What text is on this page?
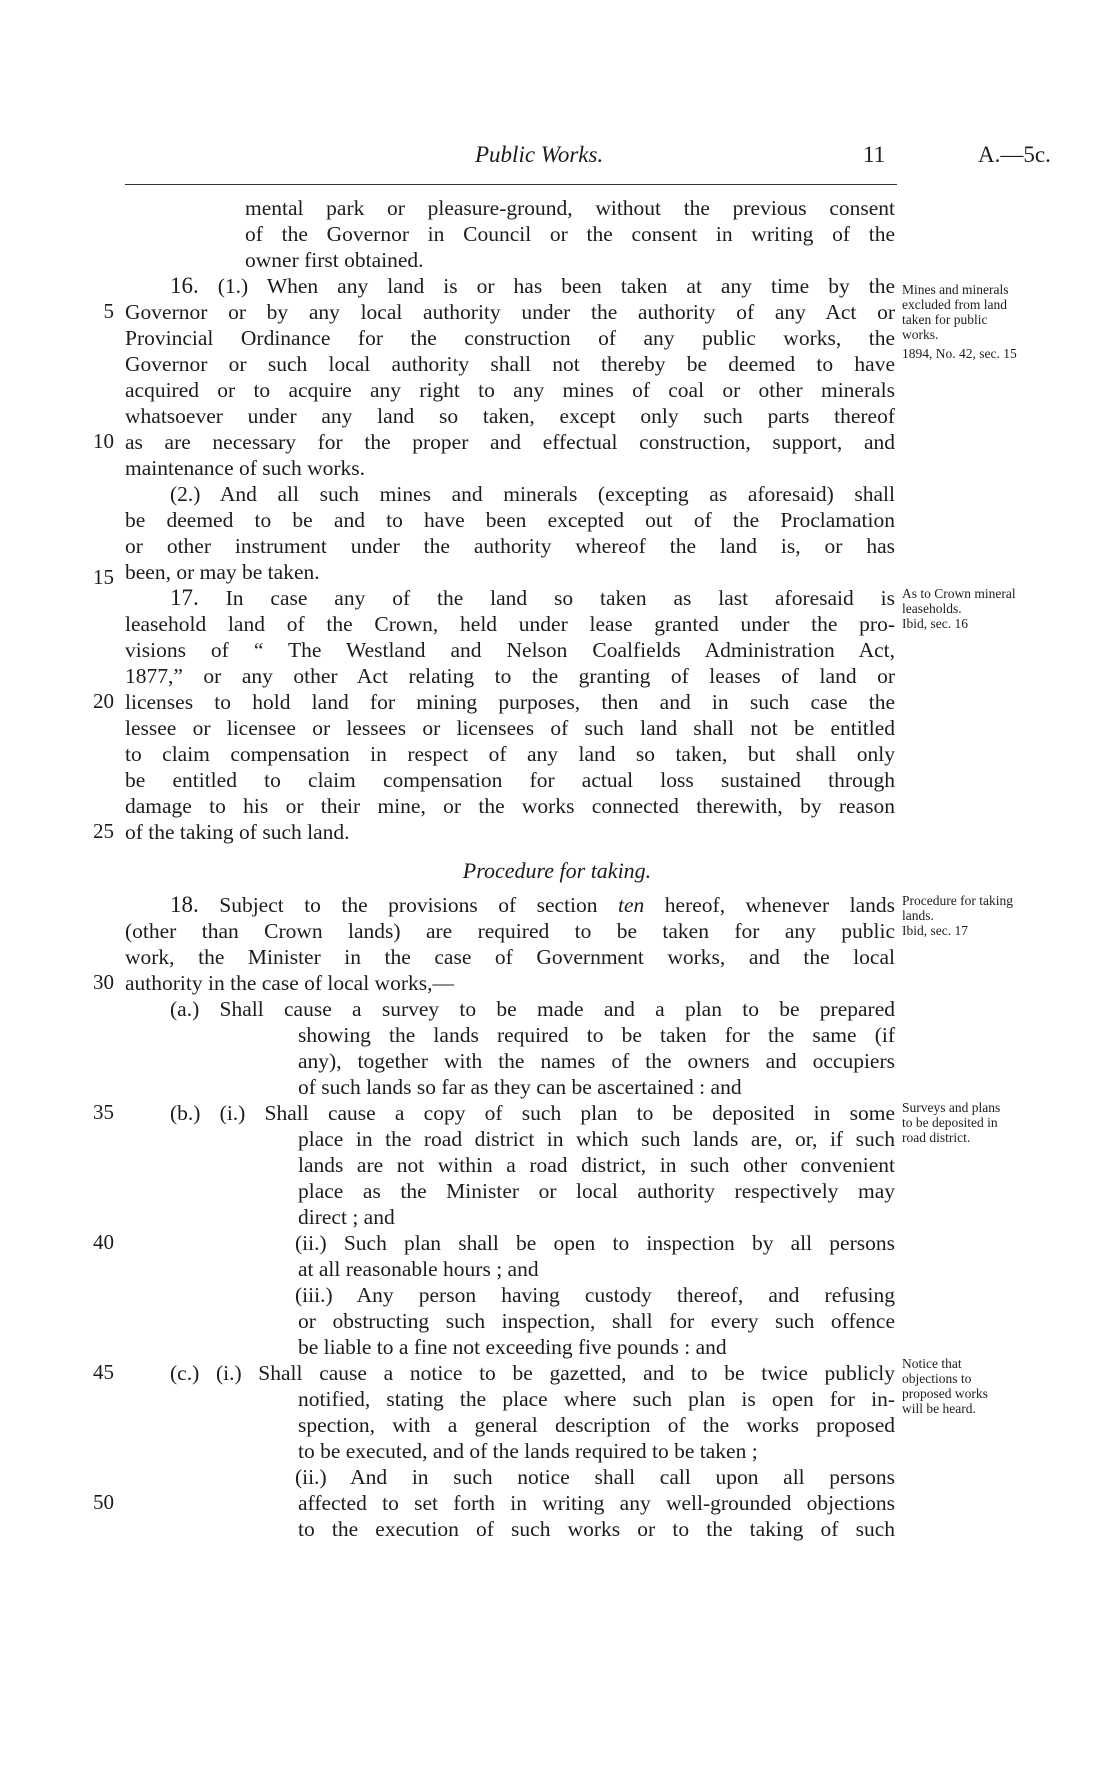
Public Works.	11	A.—5c.
mental park or pleasure-ground, without the previous consent
of the Governor in Council or the consent in writing of the
owner first obtained.
16. (1.) When any land is or has been taken at any time by the
Governor or by any local authority under the authority of any Act or
Provincial Ordinance for the construction of any public works, the
Governor or such local authority shall not thereby be deemed to have
acquired or to acquire any right to any mines of coal or other minerals
whatsoever under any land so taken, except only such parts thereof
as are necessary for the proper and effectual construction, support, and
maintenance of such works.
(2.) And all such mines and minerals (excepting as aforesaid) shall
be deemed to be and to have been excepted out of the Proclamation
or other instrument under the authority whereof the land is, or has
been, or may be taken.
17. In case any of the land so taken as last aforesaid is
leasehold land of the Crown, held under lease granted under the pro-
visions of “ The Westland and Nelson Coalfields Administration Act,
1877,” or any other Act relating to the granting of leases of land or
licenses to hold land for mining purposes, then and in such case the
lessee or licensee or lessees or licensees of such land shall not be entitled
to claim compensation in respect of any land so taken, but shall only
be entitled to claim compensation for actual loss sustained through
damage to his or their mine, or the works connected therewith, by reason
of the taking of such land.
Procedure for taking.
18. Subject to the provisions of section ten hereof, whenever lands
(other than Crown lands) are required to be taken for any public
work, the Minister in the case of Government works, and the local
authority in the case of local works,—
(a.) Shall cause a survey to be made and a plan to be prepared
showing the lands required to be taken for the same (if
any), together with the names of the owners and occupiers
of such lands so far as they can be ascertained : and
(b.) (i.) Shall cause a copy of such plan to be deposited in some
place in the road district in which such lands are, or, if such
lands are not within a road district, in such other convenient
place as the Minister or local authority respectively may
direct ; and
(ii.) Such plan shall be open to inspection by all persons
at all reasonable hours ; and
(iii.) Any person having custody thereof, and refusing
or obstructing such inspection, shall for every such offence
be liable to a fine not exceeding five pounds : and
(c.) (i.) Shall cause a notice to be gazetted, and to be twice publicly
notified, stating the place where such plan is open for in-
spection, with a general description of the works proposed
to be executed, and of the lands required to be taken ;
(ii.) And in such notice shall call upon all persons
affected to set forth in writing any well-grounded objections
to the execution of such works or to the taking of such
5
10
15
20
25
30
35
40
45
50
Mines and minerals
excluded from land
taken for public
works.
1894, No. 42, sec. 15
As to Crown mineral
leaseholds.
Ibid, sec. 16
Procedure for taking
lands.
Ibid, sec. 17
Surveys and plans
to be deposited in
road district.
Notice that
objections to
proposed works
will be heard.
